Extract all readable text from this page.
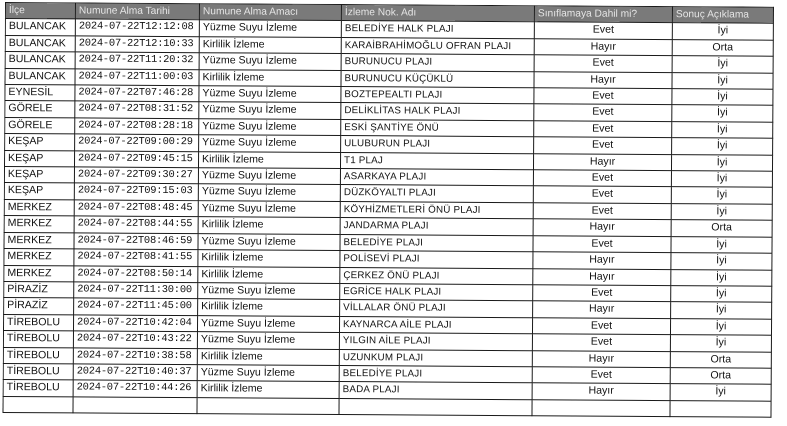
İlçe	Numune Alma Tarihi	Numune Alma Amacı	İzleme Nok. Adı	Sınıflamaya Dahil mi?	Sonuç Açıklama
BULANCAK	2024-07-22T12:12:08	Yüzme Suyu İzleme	BELEDİYE HALK PLAJI	Evet	İyi
BULANCAK	2024-07-22T12:10:33	Kirlilik İzleme	KARAİBRAHİMOĞLU OFRAN PLAJI	Hayır	Orta
BULANCAK	2024-07-22T11:20:32	Yüzme Suyu İzleme	BURUNUCU PLAJI	Evet	İyi
BULANCAK	2024-07-22T11:00:03	Kirlilik İzleme	BURUNUCU KÜÇÜKLÜ	Hayır	İyi
EYNESİL	2024-07-22T07:46:28	Yüzme Suyu İzleme	BOZTEPEALTI PLAJI	Evet	İyi
GÖRELE	2024-07-22T08:31:52	Yüzme Suyu İzleme	DELİKLİTAS HALK PLAJI	Evet	İyi
GÖRELE	2024-07-22T08:28:18	Yüzme Suyu İzleme	ESKİ ŞANTİYE ÖNÜ	Evet	İyi
KEŞAP	2024-07-22T09:00:29	Yüzme Suyu İzleme	ULUBURUN PLAJI	Evet	İyi
KEŞAP	2024-07-22T09:45:15	Kirlilik İzleme	T1 PLAJ	Hayır	İyi
KEŞAP	2024-07-22T09:30:27	Yüzme Suyu İzleme	ASARKAYA PLAJI	Evet	İyi
KEŞAP	2024-07-22T09:15:03	Yüzme Suyu İzleme	DÜZKÖYALTI PLAJI	Evet	İyi
MERKEZ	2024-07-22T08:48:45	Yüzme Suyu İzleme	KÖYHİZMETLERİ ÖNÜ PLAJI	Evet	İyi
MERKEZ	2024-07-22T08:44:55	Kirlilik İzleme	JANDARMA PLAJI	Hayır	Orta
MERKEZ	2024-07-22T08:46:59	Yüzme Suyu İzleme	BELEDİYE PLAJI	Evet	İyi
MERKEZ	2024-07-22T08:41:55	Kirlilik İzleme	POLİSEVİ PLAJI	Hayır	İyi
MERKEZ	2024-07-22T08:50:14	Kirlilik İzleme	ÇERKEZ ÖNÜ PLAJI	Hayır	İyi
PİRAZİZ	2024-07-22T11:30:00	Yüzme Suyu İzleme	EGRİCE HALK PLAJI	Evet	İyi
PİRAZİZ	2024-07-22T11:45:00	Kirlilik İzleme	VİLLALAR ÖNÜ PLAJI	Hayır	İyi
TİREBOLU	2024-07-22T10:42:04	Yüzme Suyu İzleme	KAYNARCA AİLE PLAJI	Evet	İyi
TİREBOLU	2024-07-22T10:43:22	Yüzme Suyu İzleme	YILGIN AİLE PLAJI	Evet	İyi
TİREBOLU	2024-07-22T10:38:58	Kirlilik İzleme	UZUNKUM PLAJI	Hayır	Orta
TİREBOLU	2024-07-22T10:40:37	Yüzme Suyu İzleme	BELEDİYE PLAJI	Evet	Orta
TİREBOLU	2024-07-22T10:44:26	Kirlilik İzleme	BADA PLAJI	Hayır	İyi
